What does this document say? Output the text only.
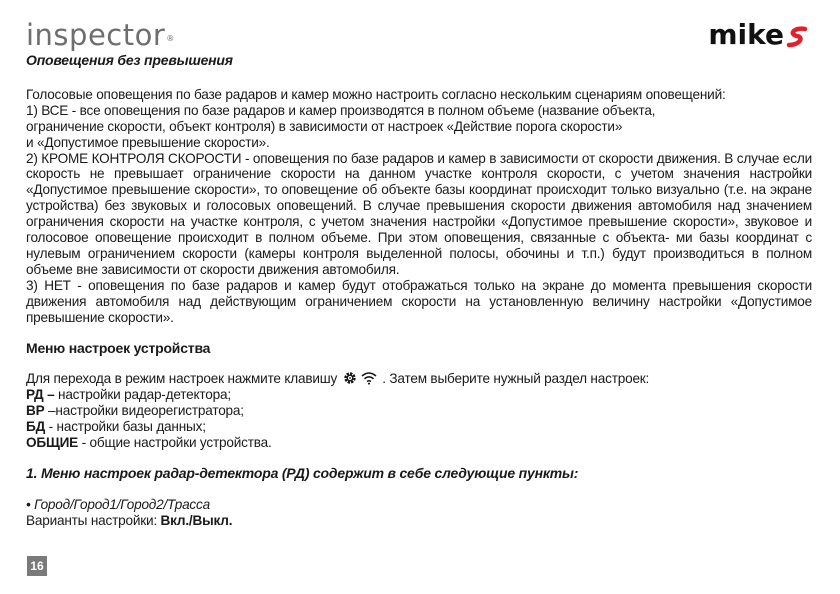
inspector®	mike

Оповещения без превышения

Голосовые оповещения по базе радаров и камер можно настроить согласно нескольким сценариям оповещений:

1) ВСЕ - все оповещения по базе радаров и камер производятся в полном объеме (название объекта,

ограничение скорости, объект контроля) в зависимости от настроек «Действие порога скорости»

и «Допустимое превышение скорости».

2) КРОМЕ КОНТРОЛЯ СКОРОСТИ - оповещения по базе радаров и камер в зависимости от скорости движения. В случае если скорость не превышает ограничение скорости на данном участке контроля скорости, с учетом значения настройки «Допустимое превышение скорости», то оповещение об объекте базы координат происходит только визуально (т.е. на экране устройства) без звуковых и голосовых оповещений. В случае превышения скорости движения автомобиля над значением ограничения скорости на участке контроля, с учетом значения настройки «Допустимое превышение скорости», звуковое и голосовое оповещение происходит в полном объеме. При этом оповещения, связанные с объекта- ми базы координат с нулевым ограничением скорости (камеры контроля выделенной полосы, обочины и т.п.) будут производиться в полном объеме вне зависимости от скорости движения автомобиля.

3) НЕТ - оповещения по базе радаров и камер будут отображаться только на экране до момента превышения скорости движения автомобиля над действующим ограничением скорости на установленную величину настройки «Допустимое превышение скорости».

Меню настроек устройства

Для перехода в режим настроек нажмите клавишу	. Затем выберите нужный раздел настроек:

РД – настройки радар-детектора;

ВР –настройки видеорегистратора;

БД - настройки базы данных;

ОБЩИЕ - общие настройки устройства.

1. Меню настроек радар-детектора (РД) содержит в себе следующие пункты:

• Город/Город1/Город2/Трасса

Варианты настройки: Вкл./Выкл.

16
